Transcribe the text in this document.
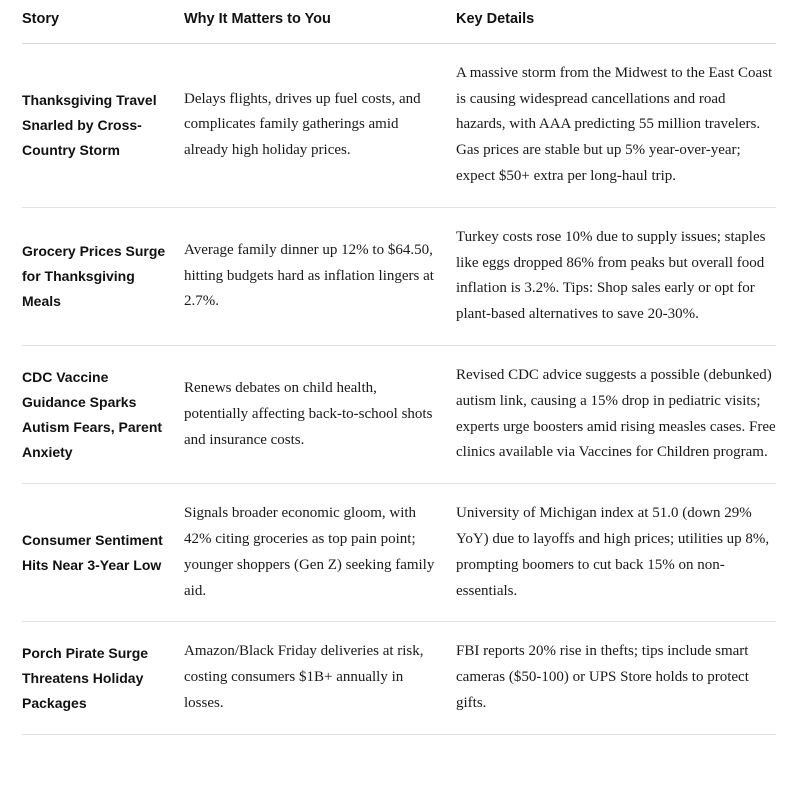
Story	Why It Matters to You	Key Details
Thanksgiving Travel Snarled by Cross-Country Storm	Delays flights, drives up fuel costs, and complicates family gatherings amid already high holiday prices.	A massive storm from the Midwest to the East Coast is causing widespread cancellations and road hazards, with AAA predicting 55 million travelers. Gas prices are stable but up 5% year-over-year; expect $50+ extra per long-haul trip.
Grocery Prices Surge for Thanksgiving Meals	Average family dinner up 12% to $64.50, hitting budgets hard as inflation lingers at 2.7%.	Turkey costs rose 10% due to supply issues; staples like eggs dropped 86% from peaks but overall food inflation is 3.2%. Tips: Shop sales early or opt for plant-based alternatives to save 20-30%.
CDC Vaccine Guidance Sparks Autism Fears, Parent Anxiety	Renews debates on child health, potentially affecting back-to-school shots and insurance costs.	Revised CDC advice suggests a possible (debunked) autism link, causing a 15% drop in pediatric visits; experts urge boosters amid rising measles cases. Free clinics available via Vaccines for Children program.
Consumer Sentiment Hits Near 3-Year Low	Signals broader economic gloom, with 42% citing groceries as top pain point; younger shoppers (Gen Z) seeking family aid.	University of Michigan index at 51.0 (down 29% YoY) due to layoffs and high prices; utilities up 8%, prompting boomers to cut back 15% on non-essentials.
Porch Pirate Surge Threatens Holiday Packages	Amazon/Black Friday deliveries at risk, costing consumers $1B+ annually in losses.	FBI reports 20% rise in thefts; tips include smart cameras ($50-100) or UPS Store holds to protect gifts.
